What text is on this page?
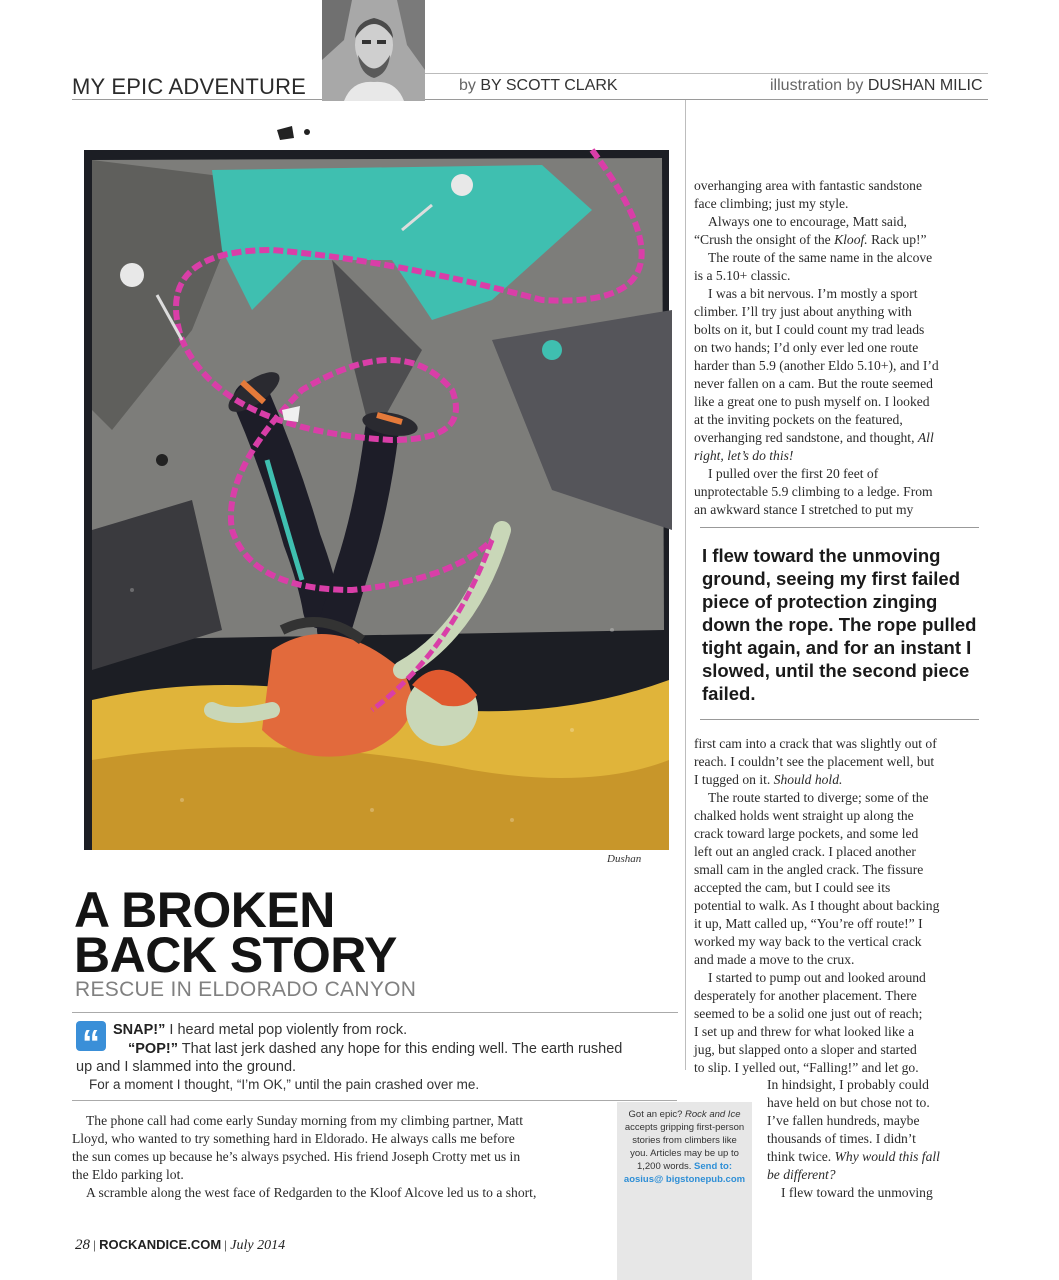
MY EPIC ADVENTURE	by BY SCOTT CLARK	illustration by DUSHAN MILIC
Dushan
A BROKEN
BACK STORY
RESCUE IN ELDORADO CANYON
“ SNAP!” I heard metal pop violently from rock.
“POP!” That last jerk dashed any hope for this ending well. The earth rushed
up and I slammed into the ground.
For a moment I thought, “I’m OK,” until the pain crashed over me.

The phone call had come early Sunday morning from my climbing partner, Matt

Lloyd, who wanted to try something hard in Eldorado. He always calls me before

the sun comes up because he’s always psyched. His friend Joseph Crotty met us in

the Eldo parking lot.

A scramble along the west face of Redgarden to the Kloof Alcove led us to a short,

Got an epic? Rock and Ice accepts gripping first-person stories from climbers like you. Articles may be up to 1,200 words. Send to: aosius@ bigstonepub.com

overhanging area with fantastic sandstone

face climbing; just my style.

Always one to encourage, Matt said,

“Crush the onsight of the Kloof. Rack up!”

The route of the same name in the alcove

is a 5.10+ classic.

I was a bit nervous. I’m mostly a sport

climber. I’ll try just about anything with

bolts on it, but I could count my trad leads

on two hands; I’d only ever led one route

harder than 5.9 (another Eldo 5.10+), and I’d

never fallen on a cam. But the route seemed

like a great one to push myself on. I looked

at the inviting pockets on the featured,

overhanging red sandstone, and thought, All

right, let’s do this!

I pulled over the first 20 feet of

unprotectable 5.9 climbing to a ledge. From

an awkward stance I stretched to put my

I flew toward the unmoving ground, seeing my first failed piece of protection zinging down the rope. The rope pulled tight again, and for an instant I slowed, until the second piece failed.

first cam into a crack that was slightly out of

reach. I couldn’t see the placement well, but

I tugged on it. Should hold.

The route started to diverge; some of the

chalked holds went straight up along the

crack toward large pockets, and some led

left out an angled crack. I placed another

small cam in the angled crack. The fissure

accepted the cam, but I could see its

potential to walk. As I thought about backing

it up, Matt called up, “You’re off route!” I

worked my way back to the vertical crack

and made a move to the crux.

I started to pump out and looked around

desperately for another placement. There

seemed to be a solid one just out of reach;

I set up and threw for what looked like a

jug, but slapped onto a sloper and started

to slip. I yelled out, “Falling!” and let go.

In hindsight, I probably could

have held on but chose not to.

I’ve fallen hundreds, maybe

thousands of times. I didn’t

think twice. Why would this fall

be different?

I flew toward the unmoving

28 | ROCKANDICE.COM | July 2014
